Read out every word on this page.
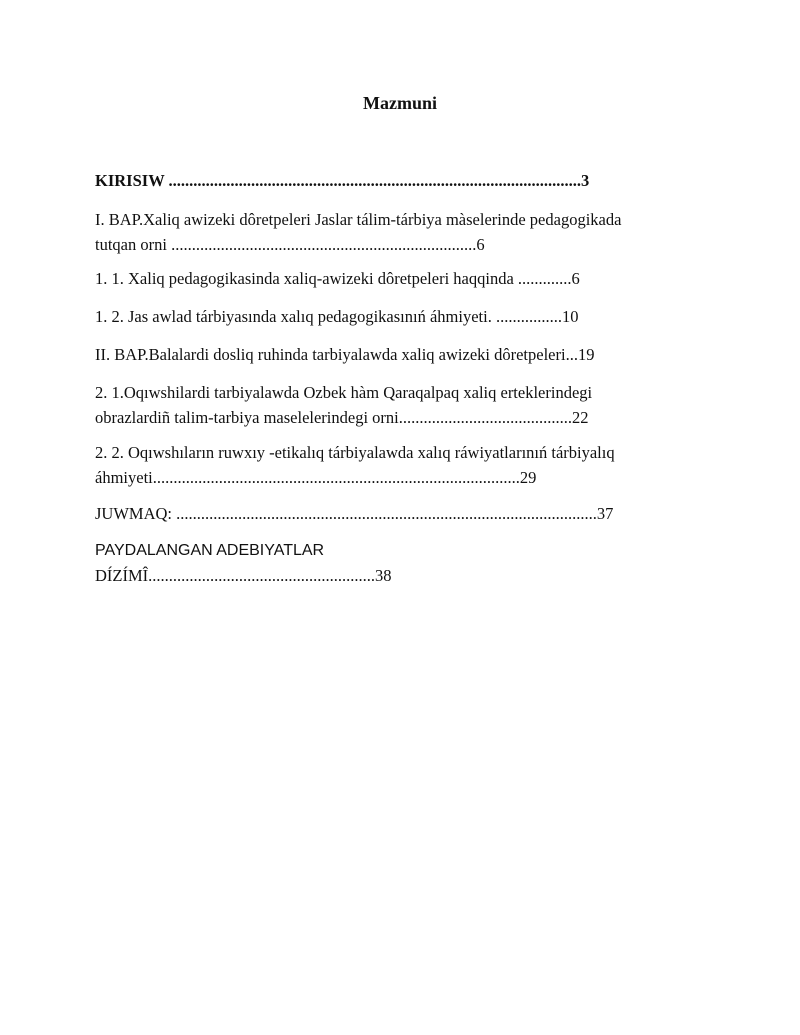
Mazmuni

KIRISIW ....................................................................................................3

I. BAP.Xaliq awizeki dôretpeleri Jaslar tálim-tárbiya màselerinde pedagogikada
tutqan orni ..........................................................................6

1. 1. Xaliq pedagogikasinda xaliq-awizeki dôretpeleri haqqinda .............6

1. 2. Jas awlad tárbiyasında xalıq pedagogikasınıń áhmiyeti. ................10

II. BAP.Balalardi dosliq ruhinda tarbiyalawda xaliq awizeki dôretpeleri...19

2. 1.Oqıwshilardi tarbiyalawda Ozbek hàm Qaraqalpaq xaliq erteklerindegi
obrazlardiñ talim-tarbiya maselelerindegi orni..........................................22

2. 2. Oqıwshıların ruwxıy -etikalıq tárbiyalawda xalıq ráwiyatlarınıń tárbiyalıq
áhmiyeti.........................................................................................29

JUWMAQ: ......................................................................................................37

PAYDALANGAN ADEBIYATLAR
DÍZÍMÎ.......................................................38
